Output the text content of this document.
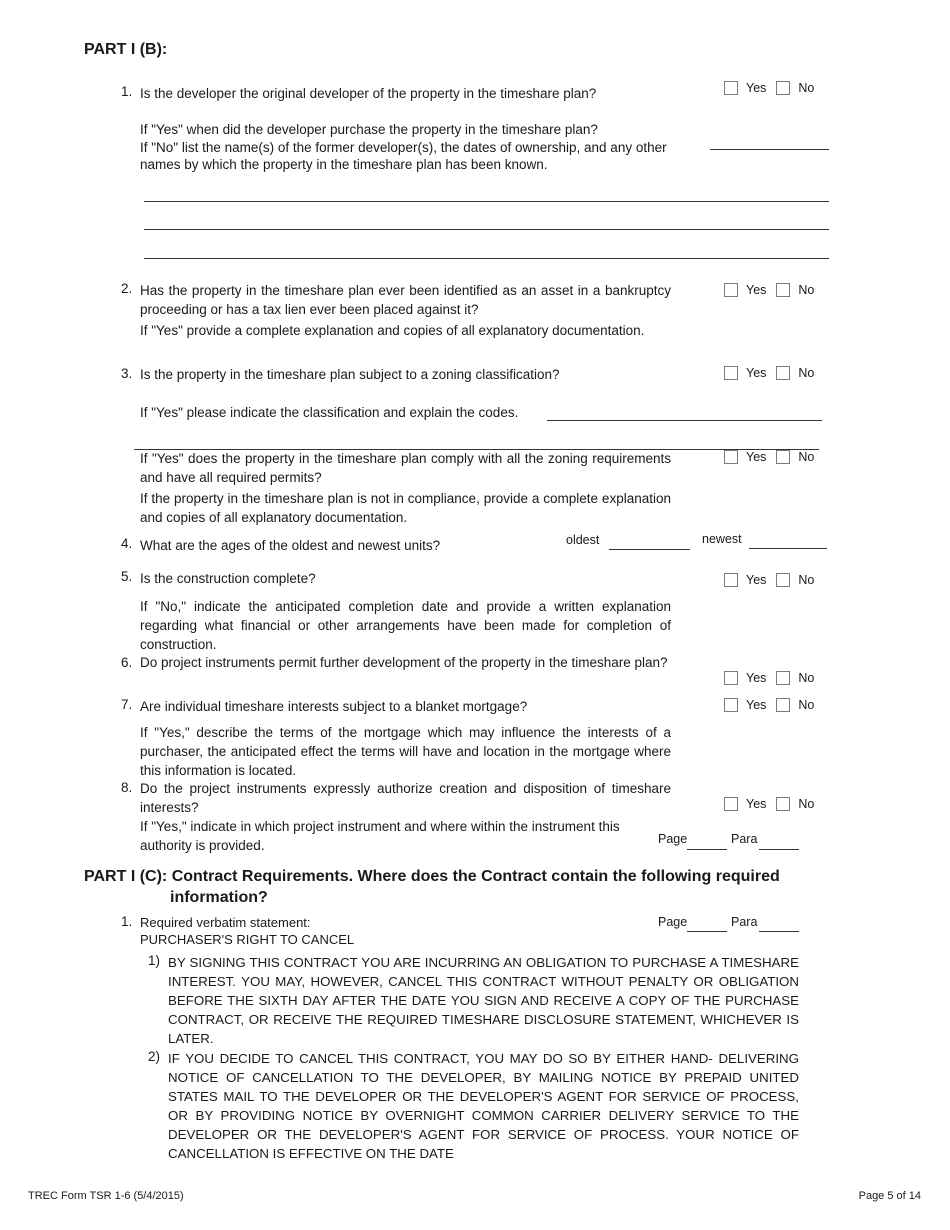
PART I (B):
1. Is the developer the original developer of the property in the timeshare plan?	Yes	No
If "Yes" when did the developer purchase the property in the timeshare plan?
If "No" list the name(s) of the former developer(s), the dates of ownership, and any other names by which the property in the timeshare plan has been known.
2. Has the property in the timeshare plan ever been identified as an asset in a bankruptcy proceeding or has a tax lien ever been placed against it?
Yes	No
If "Yes" provide a complete explanation and copies of all explanatory documentation.
3. Is the property in the timeshare plan subject to a zoning classification?	Yes	No
If "Yes" please indicate the classification and explain the codes.
If "Yes" does the property in the timeshare plan comply with all the zoning requirements and have all required permits?
Yes	No
If the property in the timeshare plan is not in compliance, provide a complete explanation and copies of all explanatory documentation.
4. What are the ages of the oldest and newest units?	oldest	newest
5. Is the construction complete?	Yes	No
If "No," indicate the anticipated completion date and provide a written explanation regarding what financial or other arrangements have been made for completion of construction.
6. Do project instruments permit further development of the property in the timeshare plan?
Yes	No
7. Are individual timeshare interests subject to a blanket mortgage?	Yes	No
If "Yes," describe the terms of the mortgage which may influence the interests of a purchaser, the anticipated effect the terms will have and location in the mortgage where this information is located.
8. Do the project instruments expressly authorize creation and disposition of timeshare interests?	Yes	No
If "Yes," indicate in which project instrument and where within the instrument this authority is provided.	Page	Para
PART I (C): Contract Requirements. Where does the Contract contain the following required
information?
1. Required verbatim statement:
PURCHASER'S RIGHT TO CANCEL
Page	Para
1) BY SIGNING THIS CONTRACT YOU ARE INCURRING AN OBLIGATION TO PURCHASE A TIMESHARE INTEREST. YOU MAY, HOWEVER, CANCEL THIS CONTRACT WITHOUT PENALTY OR OBLIGATION BEFORE THE SIXTH DAY AFTER THE DATE YOU SIGN AND RECEIVE A COPY OF THE PURCHASE CONTRACT, OR RECEIVE THE REQUIRED TIMESHARE DISCLOSURE STATEMENT, WHICHEVER IS LATER.
2) IF YOU DECIDE TO CANCEL THIS CONTRACT, YOU MAY DO SO BY EITHER HAND- DELIVERING NOTICE OF CANCELLATION TO THE DEVELOPER, BY MAILING NOTICE BY PREPAID UNITED STATES MAIL TO THE DEVELOPER OR THE DEVELOPER'S AGENT FOR SERVICE OF PROCESS, OR BY PROVIDING NOTICE BY OVERNIGHT COMMON CARRIER DELIVERY SERVICE TO THE DEVELOPER OR THE DEVELOPER'S AGENT FOR SERVICE OF PROCESS. YOUR NOTICE OF CANCELLATION IS EFFECTIVE ON THE DATE
TREC Form TSR 1-6 (5/4/2015)	Page 5 of 14
